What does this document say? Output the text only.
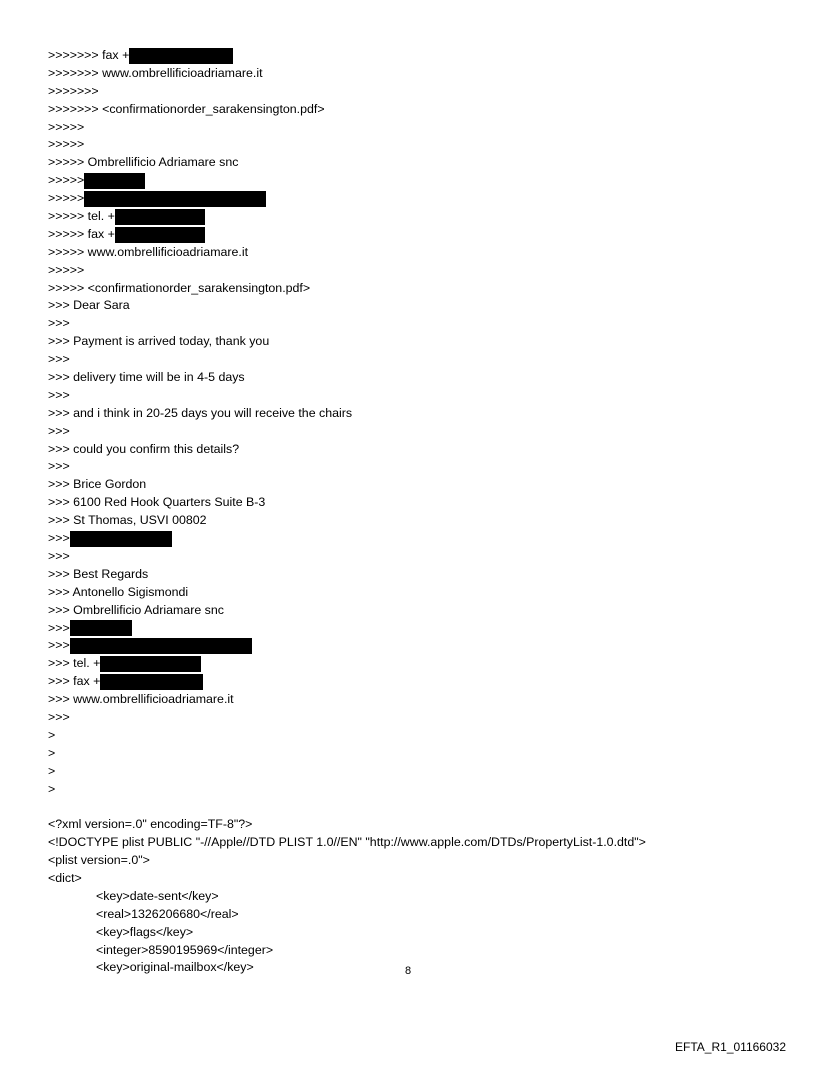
>>>>>>> fax +
>>>>>>> www.ombrellificioadriamare.it
>>>>>>>
>>>>>>> <confirmationorder_sarakensington.pdf>
>>>>>
>>>>>
>>>>> Ombrellificio Adriamare snc
>>>>>
>>>>>
>>>>> tel. +
>>>>> fax +
>>>>> www.ombrellificioadriamare.it
>>>>>
>>>>> <confirmationorder_sarakensington.pdf>
>>> Dear Sara
>>>
>>> Payment is arrived today, thank you
>>>
>>> delivery time will be in 4-5 days
>>>
>>> and i think in 20-25 days you will receive the chairs
>>>
>>> could you confirm this details?
>>>
>>> Brice Gordon
>>> 6100 Red Hook Quarters Suite B-3
>>> St Thomas, USVI 00802
>>>
>>>
>>> Best Regards
>>> Antonello Sigismondi
>>> Ombrellificio Adriamare snc
>>>
>>>
>>> tel. +
>>> fax +
>>> www.ombrellificioadriamare.it
>>>
>
>
>
>
<?xml version=.0" encoding=TF-8"?>
<!DOCTYPE plist PUBLIC "-//Apple//DTD PLIST 1.0//EN" "http://www.apple.com/DTDs/PropertyList-1.0.dtd">
<plist version=.0">
<dict>
<key>date-sent</key>
<real>1326206680</real>
<key>flags</key>
<integer>8590195969</integer>
<key>original-mailbox</key>	8
EFTA_R1_01166032
